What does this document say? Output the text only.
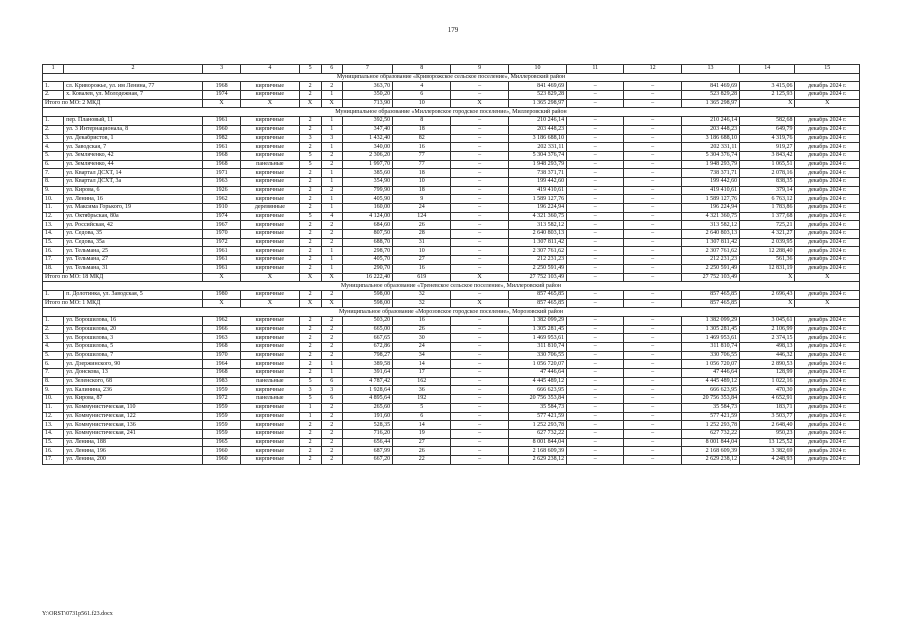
179
1	2	3	4	5	6	7	8	9	10	11	12	13	14	15
Муниципальное образование «Криворожское сельское поселение», Миллеровский район														
1.	сл. Криворожье, ул. им Ленина, 77	1968	кирпичные	2	2	363,70	4	–	841 469,69	–	–	841 469,69	3 415,06	декабрь 2024 г.
2.	х. Ковалев, ул. Молодежная, 7	1974	кирпичные	2	1	350,20	6	–	523 829,28	–	–	523 829,28	2 125,93	декабрь 2024 г.
Итого по МО: 2 МКД		X	X	X	X	713,90	10	X	1 365 298,97	–	–	1 365 298,97	X	X
Муниципальное образование «Миллеровское городское поселение», Миллеровский район														
1.	пер. Плановый, 11	1961	кирпичные	2	1	392,50	8	–	210 246,14	–	–	210 246,14	582,68	декабрь 2024 г.
2.	ул. 3 Интернационала, 8	1960	кирпичные	2	1	347,40	18	–	203 448,23	–	–	203 448,23	649,79	декабрь 2024 г.
3.	ул. Декабристов, 1	1982	кирпичные	3	3	1 432,40	82	–	3 186 688,10	–	–	3 186 688,10	4 319,76	декабрь 2024 г.
4.	ул. Заводская, 7	1961	кирпичные	2	1	340,00	16	–	202 331,11	–	–	202 331,11	919,27	декабрь 2024 г.
5.	ул. Земляченко, 42	1968	кирпичные	5	2	2 306,20	77	–	5 304 376,74	–	–	5 304 376,74	3 843,42	декабрь 2024 г.
6.	ул. Земляченко, 44	1968	панельные	5	2	1 997,70	77	–	1 948 293,79	–	–	1 948 293,79	1 065,51	декабрь 2024 г.
7.	ул. Квартал ДСХТ, 14	1971	кирпичные	2	1	385,60	18	–	738 371,71	–	–	738 371,71	2 078,16	декабрь 2024 г.
8.	ул. Квартал ДСХТ, 3а	1963	кирпичные	2	1	354,90	10	–	199 442,60	–	–	199 442,60	838,35	декабрь 2024 г.
9.	ул. Кирова, 6	1926	кирпичные	2	2	799,90	18	–	419 410,61	–	–	419 410,61	379,14	декабрь 2024 г.
10.	ул. Ленина, 16	1962	кирпичные	2	1	405,90	9	–	1 589 127,76	–	–	1 589 127,76	6 763,12	декабрь 2024 г.
11.	ул. Максима Горького, 19	1910	деревянные	2	1	160,00	24	–	196 224,94	–	–	196 224,94	1 783,86	декабрь 2024 г.
12.	ул. Октябрьская, 80а	1974	кирпичные	5	4	4 124,00	124	–	4 321 360,75	–	–	4 321 360,75	1 377,68	декабрь 2024 г.
13.	ул. Российская, 42	1967	кирпичные	2	2	684,60	26	–	313 582,12	–	–	313 582,12	725,21	декабрь 2024 г.
14.	ул. Седова, 35	1970	кирпичные	2	2	807,50	28	–	2 640 803,13	–	–	2 640 803,13	4 321,27	декабрь 2024 г.
15.	ул. Седова, 35а	1972	кирпичные	2	2	688,70	31	–	1 307 811,42	–	–	1 307 811,42	2 039,95	декабрь 2024 г.
16.	ул. Тельмана, 25	1961	кирпичные	2	1	298,70	10	–	2 307 761,62	–	–	2 307 761,62	12 288,40	декабрь 2024 г.
17.	ул. Тельмана, 27	1961	кирпичные	2	1	405,70	27	–	212 231,23	–	–	212 231,23	561,36	декабрь 2024 г.
18.	ул. Тельмана, 31	1961	кирпичные	2	1	290,70	16	–	2 250 591,49	–	–	2 250 591,49	12 831,19	декабрь 2024 г.
Итого по МО: 18 МКД		X	X	X	X	16 222,40	619	X	27 752 103,49	–	–	27 752 103,49	X	X
Муниципальное образование «Треневское сельское поселение», Миллеровский район														
1.	п. Долотинка, ул. Заводская, 5	1980	кирпичные	2	2	598,00	32	–	857 465,85	–	–	857 465,85	2 696,43	декабрь 2024 г.
Итого по МО: 1 МКД		X	X	X	X	598,00	32	X	857 465,85	–	–	857 465,85	X	X
Муниципальное образование «Морозовское городское поселение», Морозовский район														
1.	ул. Ворошилова, 16	1962	кирпичные	2	2	503,20	16	–	1 382 099,29	–	–	1 382 099,29	3 045,61	декабрь 2024 г.
2.	ул. Ворошилова, 20	1966	кирпичные	2	2	665,00	26	–	1 305 281,45	–	–	1 305 281,45	2 106,99	декабрь 2024 г.
3.	ул. Ворошилова, 3	1963	кирпичные	2	2	667,65	30	–	1 469 953,61	–	–	1 469 953,61	2 374,15	декабрь 2024 г.
4.	ул. Ворошилова, 5	1968	кирпичные	2	2	672,86	24	–	311 810,74	–	–	311 810,74	498,13	декабрь 2024 г.
5.	ул. Ворошилова, 7	1970	кирпичные	2	2	798,27	34	–	330 706,55	–	–	330 706,55	446,32	декабрь 2024 г.
6.	ул. Дзержинского, 90	1964	кирпичные	2	1	389,58	14	–	1 056 720,07	–	–	1 056 720,07	2 890,53	декабрь 2024 г.
7.	ул. Донскова, 13	1968	кирпичные	2	1	391,64	17	–	47 446,64	–	–	47 446,64	128,99	декабрь 2024 г.
8.	ул. Зеленского, 68	1983	панельные	5	6	4 787,42	162	–	4 445 489,12	–	–	4 445 489,12	1 022,16	декабрь 2024 г.
9.	ул. Калинина, 236	1959	кирпичные	3	3	1 928,64	36	–	666 623,95	–	–	666 623,95	470,30	декабрь 2024 г.
10.	ул. Кирова, 87	1972	панельные	5	6	4 895,64	192	–	20 756 353,84	–	–	20 756 353,84	4 652,91	декабрь 2024 г.
11.	ул. Коммунистическая, 110	1959	кирпичные	1	2	265,60	5	–	35 584,73	–	–	35 584,73	183,71	декабрь 2024 г.
12.	ул. Коммунистическая, 122	1959	кирпичные	1	2	191,60	6	–	577 421,59	–	–	577 421,59	3 503,77	декабрь 2024 г.
13.	ул. Коммунистическая, 136	1959	кирпичные	2	2	528,35	14	–	1 252 293,78	–	–	1 252 293,78	2 648,40	декабрь 2024 г.
14.	ул. Коммунистическая, 241	1959	кирпичные	2	2	716,20	19	–	627 732,22	–	–	627 732,22	950,23	декабрь 2024 г.
15.	ул. Ленина, 188	1965	кирпичные	2	2	656,44	27	–	8 001 844,04	–	–	8 001 844,04	13 125,52	декабрь 2024 г.
16.	ул. Ленина, 196	1960	кирпичные	2	2	687,99	26	–	2 168 609,39	–	–	2 168 609,39	3 382,69	декабрь 2024 г.
17.	ул. Ленина, 200	1960	кирпичные	2	2	667,20	22	–	2 629 238,12	–	–	2 629 238,12	4 248,93	декабрь 2024 г.
Y:\ORST\0731p561.f23.docx
